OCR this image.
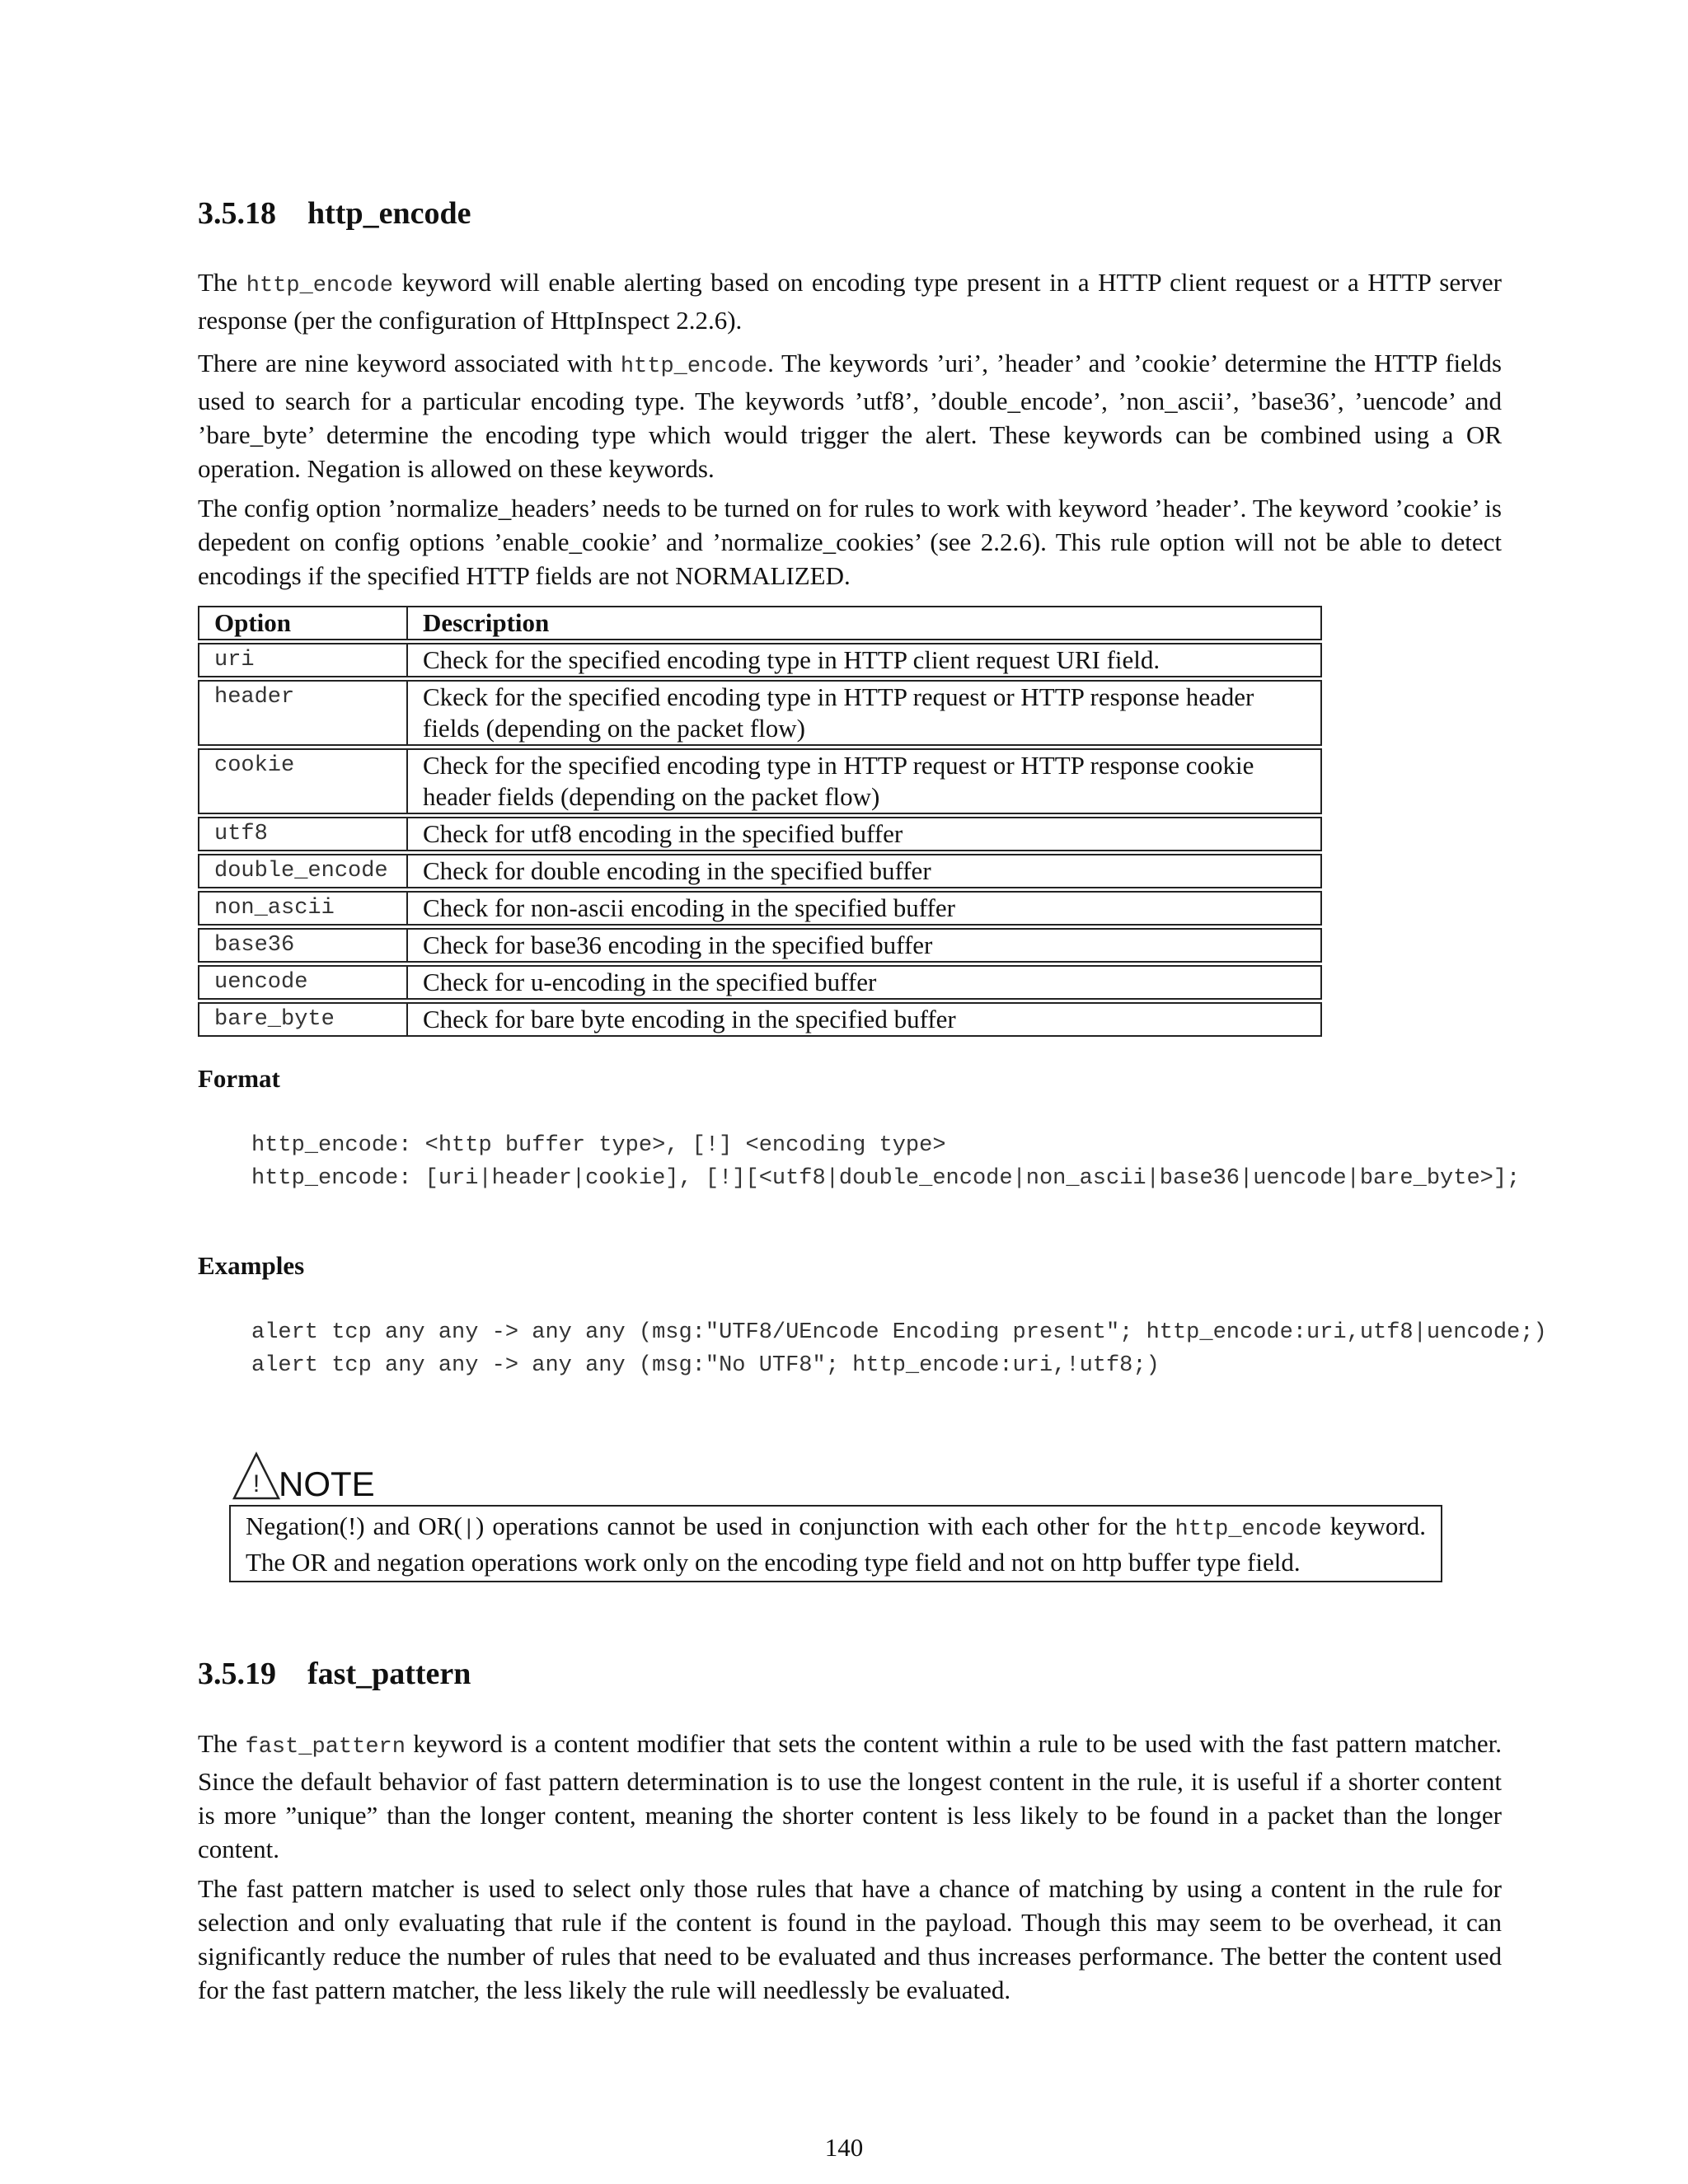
3.5.18 http_encode

The http_encode keyword will enable alerting based on encoding type present in a HTTP client request or a HTTP server response (per the configuration of HttpInspect 2.2.6).

There are nine keyword associated with http_encode. The keywords ’uri’, ’header’ and ’cookie’ determine the HTTP fields used to search for a particular encoding type. The keywords ’utf8’, ’double_encode’, ’non_ascii’, ’base36’, ’uencode’ and ’bare_byte’ determine the encoding type which would trigger the alert. These keywords can be combined using a OR operation. Negation is allowed on these keywords.

The config option ’normalize_headers’ needs to be turned on for rules to work with keyword ’header’. The keyword ’cookie’ is depedent on config options ’enable_cookie’ and ’normalize_cookies’ (see 2.2.6). This rule option will not be able to detect encodings if the specified HTTP fields are not NORMALIZED.

Option	Description
uri	Check for the specified encoding type in HTTP client request URI field.
header	Ckeck for the specified encoding type in HTTP request or HTTP response header fields (depending on the packet flow)
cookie	Check for the specified encoding type in HTTP request or HTTP response cookie header fields (depending on the packet flow)
utf8	Check for utf8 encoding in the specified buffer
double_encode	Check for double encoding in the specified buffer
non_ascii	Check for non-ascii encoding in the specified buffer
base36	Check for base36 encoding in the specified buffer
uencode	Check for u-encoding in the specified buffer
bare_byte	Check for bare byte encoding in the specified buffer
Format
http_encode: <http buffer type>, [!] <encoding type>
http_encode: [uri|header|cookie], [!][<utf8|double_encode|non_ascii|base36|uencode|bare_byte>];
Examples
alert tcp any any -> any any (msg:"UTF8/UEncode Encoding present"; http_encode:uri,utf8|uencode;)
alert tcp any any -> any any (msg:"No UTF8"; http_encode:uri,!utf8;)
! NOTE
Negation(!) and OR(|) operations cannot be used in conjunction with each other for the http_encode keyword. The OR and negation operations work only on the encoding type field and not on http buffer type field.
3.5.19 fast_pattern

The fast_pattern keyword is a content modifier that sets the content within a rule to be used with the fast pattern matcher. Since the default behavior of fast pattern determination is to use the longest content in the rule, it is useful if a shorter content is more ”unique” than the longer content, meaning the shorter content is less likely to be found in a packet than the longer content.

The fast pattern matcher is used to select only those rules that have a chance of matching by using a content in the rule for selection and only evaluating that rule if the content is found in the payload. Though this may seem to be overhead, it can significantly reduce the number of rules that need to be evaluated and thus increases performance. The better the content used for the fast pattern matcher, the less likely the rule will needlessly be evaluated.

140
